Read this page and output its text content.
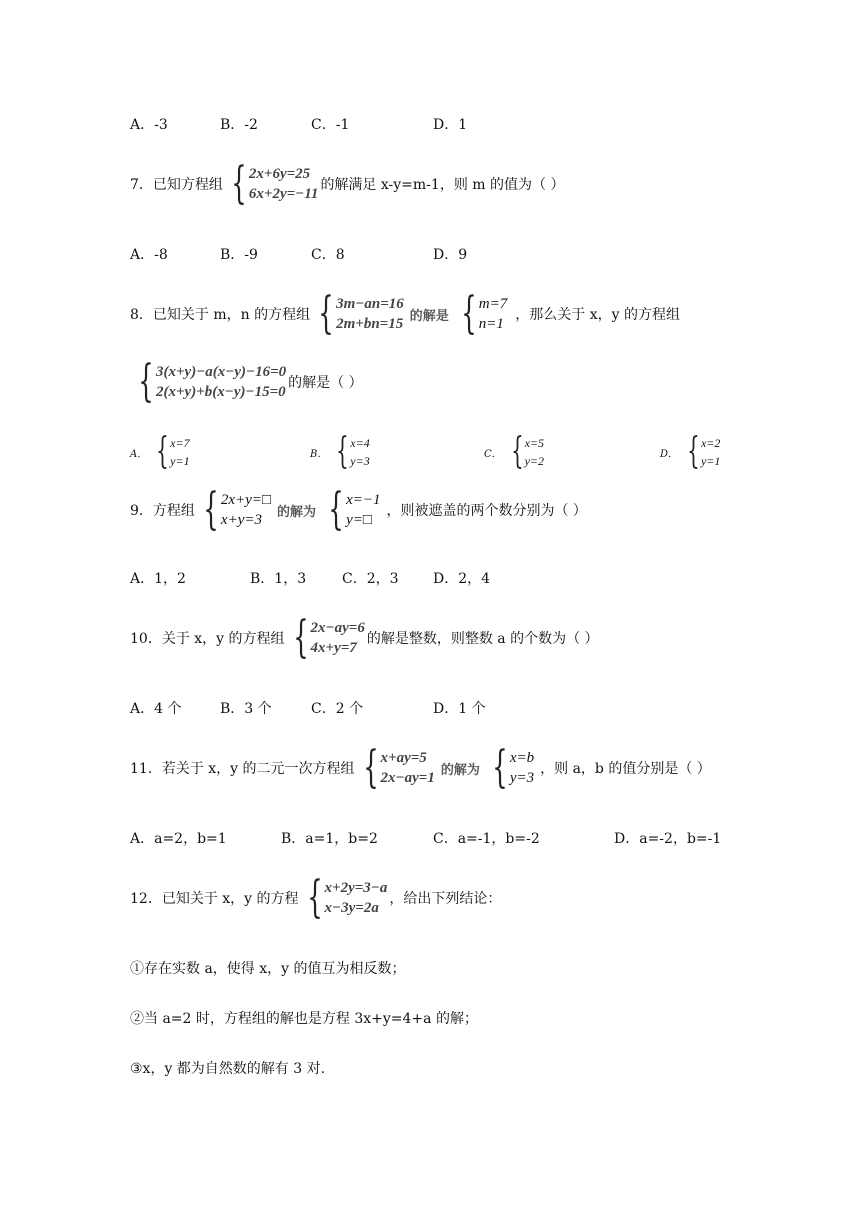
A．-3	B．-2	C．-1	D．1
7．已知方程组 { 2x+6y=25
6x+2y=−11
的解满足 x-y=m-1，则 m 的值为（ ）
A．-8	B．-9	C．8	D．9
8．已知关于 m，n 的方程组 { 3m−an=16
2m+bn=15 的解是 { m=7
n=1
，那么关于 x，y 的方程组
{ 3(x+y)−a(x−y)−16=0
2(x+y)+b(x−y)−15=0
的解是（ ）
A． { x=7
y=1	B． { x=4
y=3	C． { x=5
y=2	D． { x=2
y=1
9．方程组 { 2x+y=□
x+y=3	的解为 { x=−1
y=□
，则被遮盖的两个数分别为（ ）
A．1，2	B．1，3	C．2，3 D．2，4
10．关于 x，y 的方程组 { 2x−ay=6
4x+y=7
的解是整数，则整数 a 的个数为（ ）
A．4 个	B．3 个	C．2 个	D．1 个
11．若关于 x，y 的二元一次方程组 { x+ay=5
2x−ay=1 的解为 { x=b
y=3
，则 a，b 的值分别是（ ）
A．a=2，b=1	B．a=1，b=2	C．a=-1，b=-2	D．a=-2，b=-1
12．已知关于 x，y 的方程 { x+2y=3−a
x−3y=2a
，给出下列结论：
①存在实数 a，使得 x，y 的值互为相反数；
②当 a=2 时，方程组的解也是方程 3x+y=4+a 的解；
③x，y 都为自然数的解有 3 对.
